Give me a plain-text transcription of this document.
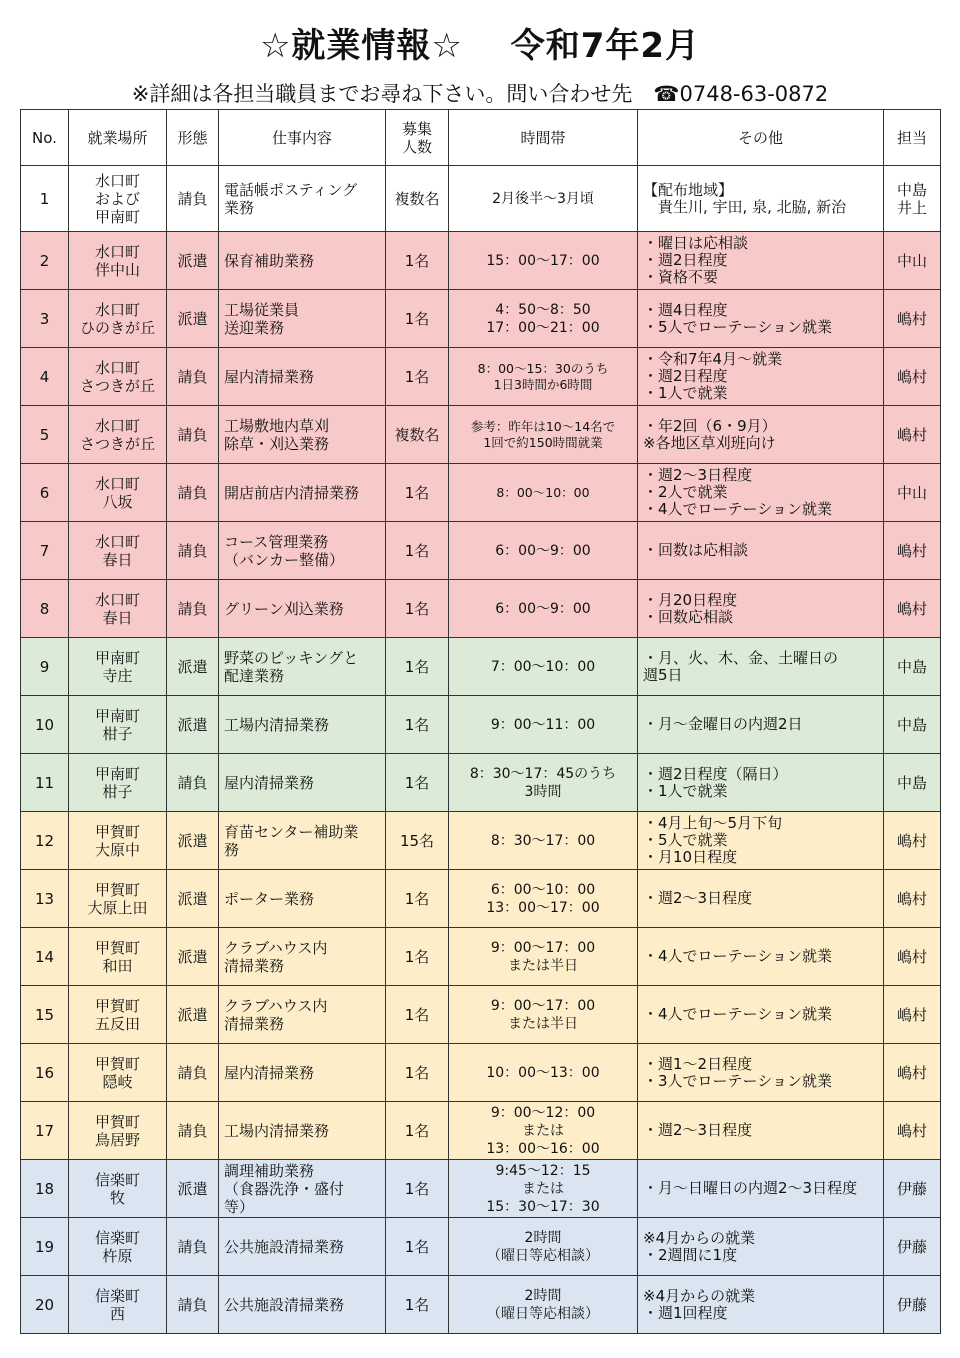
☆就業情報☆　 令和7年2月
※詳細は各担当職員までお尋ね下さい。問い合わせ先　☎0748-63-0872
No.	就業場所	形態	仕事内容	募集
人数	時間帯	その他	担当
1	水口町
および
甲南町	請負	電話帳ポスティング
業務	複数名	2月後半～3月頃	【配布地域】
　貴生川, 宇田, 泉, 北脇, 新治	中島
井上
2	水口町
伴中山	派遣	保育補助業務	1名	15：00～17：00	・曜日は応相談
・週2日程度
・資格不要	中山
3	水口町
ひのきが丘	派遣	工場従業員
送迎業務	1名	4：50～8：50
17：00～21：00	・週4日程度
・5人でローテーション就業	嶋村
4	水口町
さつきが丘	請負	屋内清掃業務	1名	8：00～15：30のうち
1日3時間か6時間	・令和7年4月～就業
・週2日程度
・1人で就業	嶋村
5	水口町
さつきが丘	請負	工場敷地内草刈
除草・刈込業務	複数名	参考：昨年は10～14名で
1回で約150時間就業	・年2回（6・9月）
※各地区草刈班向け	嶋村
6	水口町
八坂	請負	開店前店内清掃業務	1名	8：00～10：00	・週2～3日程度
・2人で就業
・4人でローテーション就業	中山
7	水口町
春日	請負	コース管理業務
（バンカー整備）	1名	6：00～9：00	・回数は応相談	嶋村
8	水口町
春日	請負	グリーン刈込業務	1名	6：00～9：00	・月20日程度
・回数応相談	嶋村
9	甲南町
寺庄	派遣	野菜のピッキングと
配達業務	1名	7：00～10：00	・月、火、木、金、土曜日の
週5日	中島
10	甲南町
柑子	派遣	工場内清掃業務	1名	9：00～11：00	・月～金曜日の内週2日	中島
11	甲南町
柑子	請負	屋内清掃業務	1名	8：30～17：45のうち
3時間	・週2日程度（隔日）
・1人で就業	中島
12	甲賀町
大原中	派遣	育苗センター補助業
務	15名	8：30～17：00	・4月上旬～5月下旬
・5人で就業
・月10日程度	嶋村
13	甲賀町
大原上田	派遣	ポーター業務	1名	6：00～10：00
13：00～17：00	・週2～3日程度	嶋村
14	甲賀町
和田	派遣	クラブハウス内
清掃業務	1名	9：00～17：00
または半日	・4人でローテーション就業	嶋村
15	甲賀町
五反田	派遣	クラブハウス内
清掃業務	1名	9：00～17：00
または半日	・4人でローテーション就業	嶋村
16	甲賀町
隠岐	請負	屋内清掃業務	1名	10：00～13：00	・週1～2日程度
・3人でローテーション就業	嶋村
17	甲賀町
鳥居野	請負	工場内清掃業務	1名	9：00～12：00
または
13：00～16：00	・週2～3日程度	嶋村
18	信楽町
牧	派遣	調理補助業務
（食器洗浄・盛付
等）	1名	9:45～12：15
または
15：30～17：30	・月～日曜日の内週2～3日程度	伊藤
19	信楽町
杵原	請負	公共施設清掃業務	1名	2時間
（曜日等応相談）	※4月からの就業
・2週間に1度	伊藤
20	信楽町
西	請負	公共施設清掃業務	1名	2時間
（曜日等応相談）	※4月からの就業
・週1回程度	伊藤
